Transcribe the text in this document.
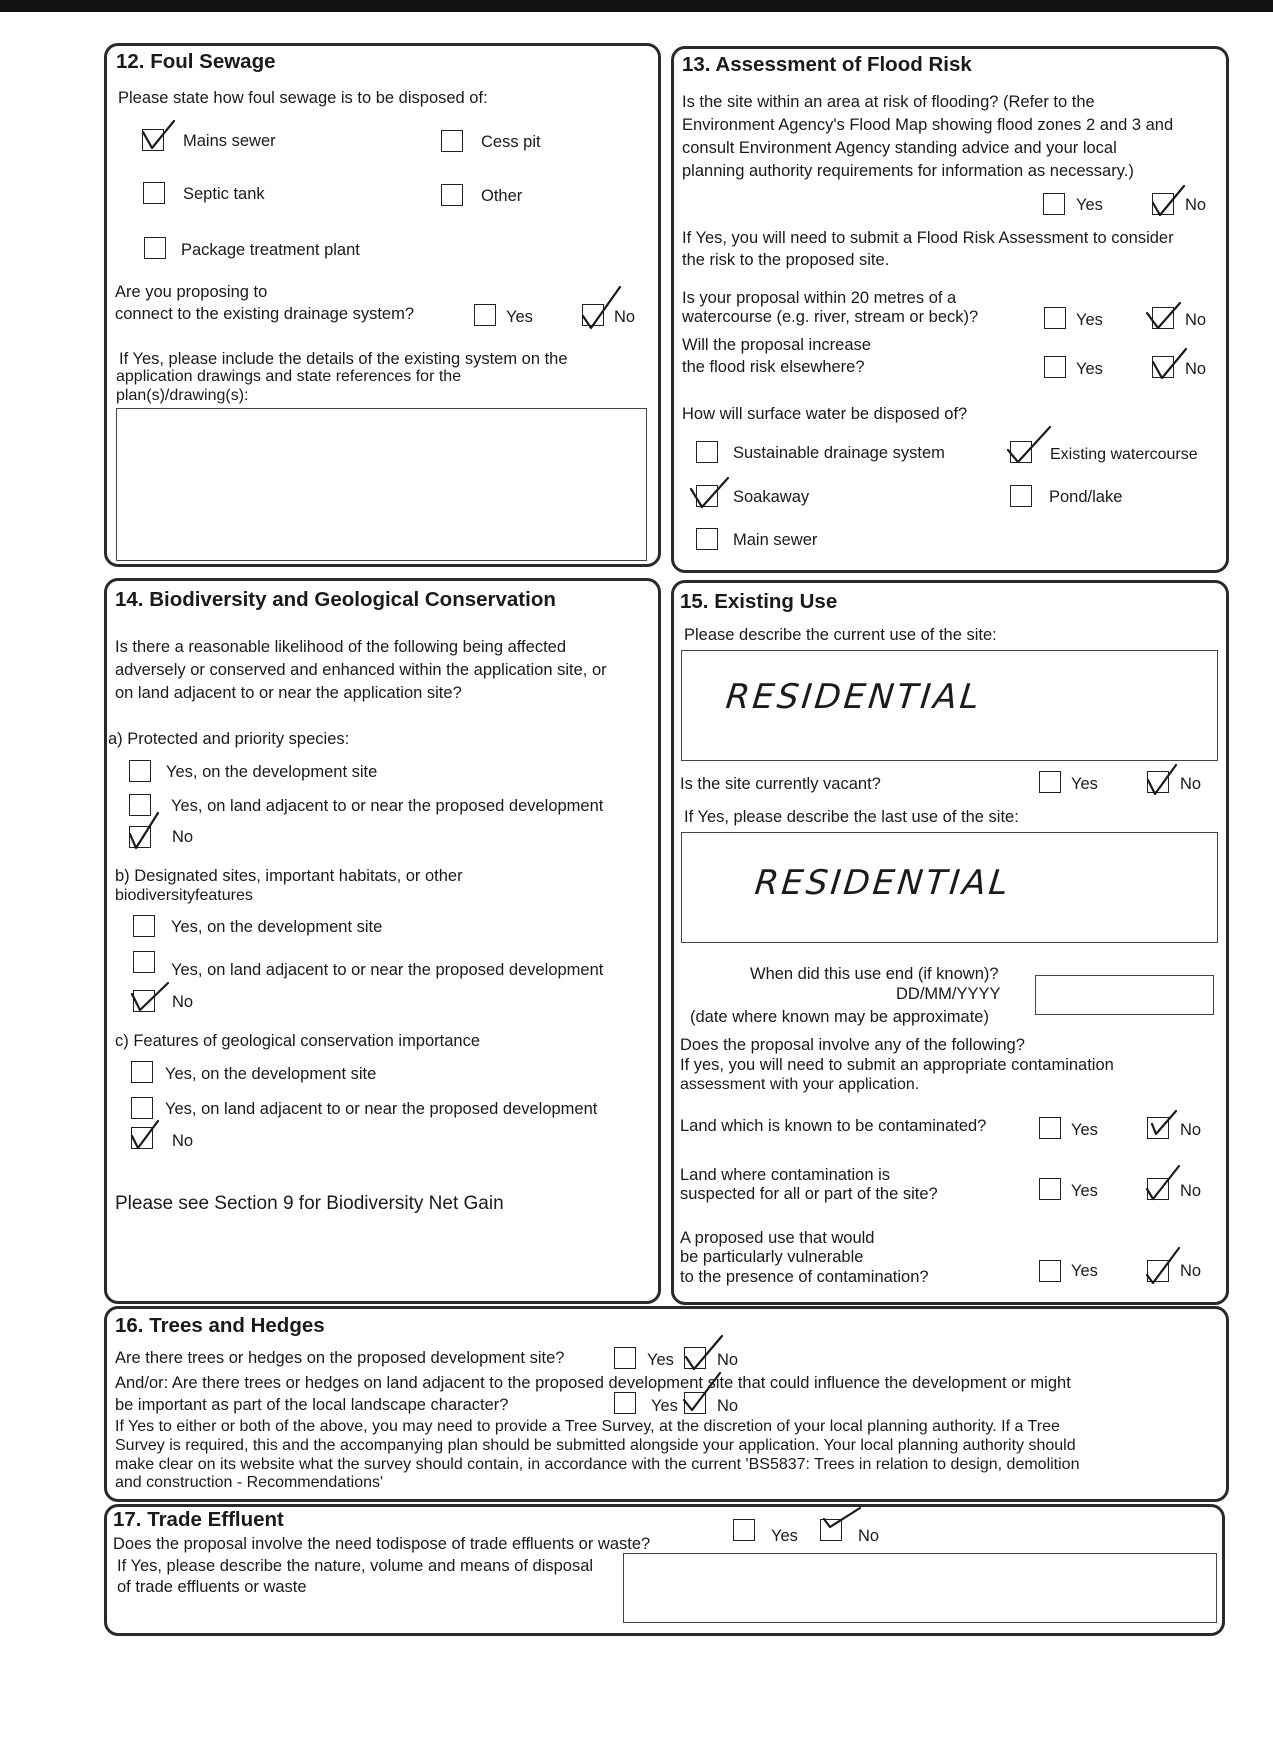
12. Foul Sewage
Please state how foul sewage is to be disposed of:
Mains sewer	Cess pit
Septic tank	Other
Package treatment plant
Are you proposing to
connect to the existing drainage system?	Yes	No
If Yes, please include the details of the existing system on the
application drawings and state references for the
plan(s)/drawing(s):
13. Assessment of Flood Risk
Is the site within an area at risk of flooding? (Refer to the
Environment Agency's Flood Map showing flood zones 2 and 3 and
consult Environment Agency standing advice and your local
planning authority requirements for information as necessary.)
Yes	No
If Yes, you will need to submit a Flood Risk Assessment to consider
the risk to the proposed site.
Is your proposal within 20 metres of a
watercourse (e.g. river, stream or beck)?	Yes	No
Will the proposal increase
the flood risk elsewhere?	Yes	No
How will surface water be disposed of?
Sustainable drainage system	Existing watercourse
Soakaway	Pond/lake
Main sewer
14. Biodiversity and Geological Conservation
Is there a reasonable likelihood of the following being affected
adversely or conserved and enhanced within the application site, or
on land adjacent to or near the application site?
a) Protected and priority species:
Yes, on the development site
Yes, on land adjacent to or near the proposed development
No
b) Designated sites, important habitats, or other
biodiversityfeatures
Yes, on the development site
Yes, on land adjacent to or near the proposed development
No
c) Features of geological conservation importance
Yes, on the development site
Yes, on land adjacent to or near the proposed development
No
Please see Section 9 for Biodiversity Net Gain
15. Existing Use
Please describe the current use of the site:
RESIDENTIAL
Is the site currently vacant?	Yes	No
If Yes, please describe the last use of the site:
RESIDENTIAL
When did this use end (if known)?
DD/MM/YYYY
(date where known may be approximate)
Does the proposal involve any of the following?
If yes, you will need to submit an appropriate contamination
assessment with your application.
Land which is known to be contaminated?	Yes	No
Land where contamination is
suspected for all or part of the site?	Yes	No
A proposed use that would
be particularly vulnerable
to the presence of contamination?	Yes	No
16. Trees and Hedges
Are there trees or hedges on the proposed development site?	Yes	No
And/or: Are there trees or hedges on land adjacent to the proposed development site that could influence the development or might
be important as part of the local landscape character?	Yes No
If Yes to either or both of the above, you may need to provide a Tree Survey, at the discretion of your local planning authority. If a Tree
Survey is required, this and the accompanying plan should be submitted alongside your application. Your local planning authority should
make clear on its website what the survey should contain, in accordance with the current 'BS5837: Trees in relation to design, demolition
and construction - Recommendations'
17. Trade Effluent
Does the proposal involve the need todispose of trade effluents or waste?	Yes	No
If Yes, please describe the nature, volume and means of disposal
of trade effluents or waste
